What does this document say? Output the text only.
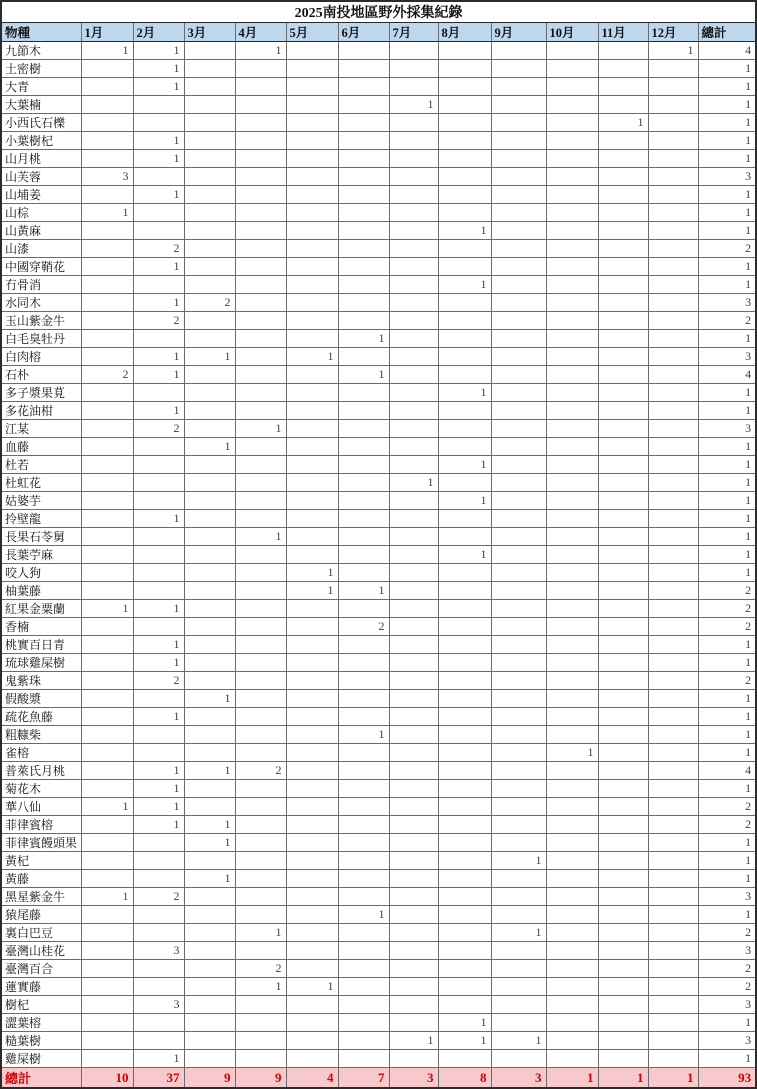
2025南投地區野外採集紀錄													
物種	1月	2月	3月	4月	5月	6月	7月	8月	9月	10月	11月	12月	總計
九節木	1	1		1								1	4
土密樹		1											1
大青		1											1
大葉楠							1						1
小西氏石櫟											1		1
小葉樹杞		1											1
山月桃		1											1
山芙蓉	3												3
山埔姜		1											1
山棕	1												1
山黃麻								1					1
山漆		2											2
中國穿鞘花		1											1
冇骨消								1					1
水同木		1	2										3
玉山紫金牛		2											2
白毛臭牡丹						1							1
白肉榕		1	1		1								3
石朴	2	1				1							4
多子漿果莧								1					1
多花油柑		1											1
江某		2		1									3
血藤			1										1
杜若								1					1
杜虹花							1						1
姑婆芋								1					1
拎壁龍		1											1
長果石苓舅				1									1
長葉苧麻								1					1
咬人狗					1								1
柚葉藤					1	1							2
紅果金粟蘭	1	1											2
香楠						2							2
桃實百日青		1											1
琉球雞屎樹		1											1
鬼紫珠		2											2
假酸漿			1										1
疏花魚藤		1											1
粗糠柴						1							1
雀榕										1			1
普萊氏月桃		1	1	2									4
菊花木		1											1
華八仙	1	1											2
菲律賓榕		1	1										2
菲律賓饅頭果			1										1
黃杞									1				1
黃藤			1										1
黑星紫金牛	1	2											3
猿尾藤						1							1
裏白巴豆				1					1				2
臺灣山桂花		3											3
臺灣百合				2									2
蓮實藤				1	1								2
樹杞		3											3
澀葉榕								1					1
糙葉樹							1	1	1				3
雞屎樹		1											1
總計	10	37	9	9	4	7	3	8	3	1	1	1	93
